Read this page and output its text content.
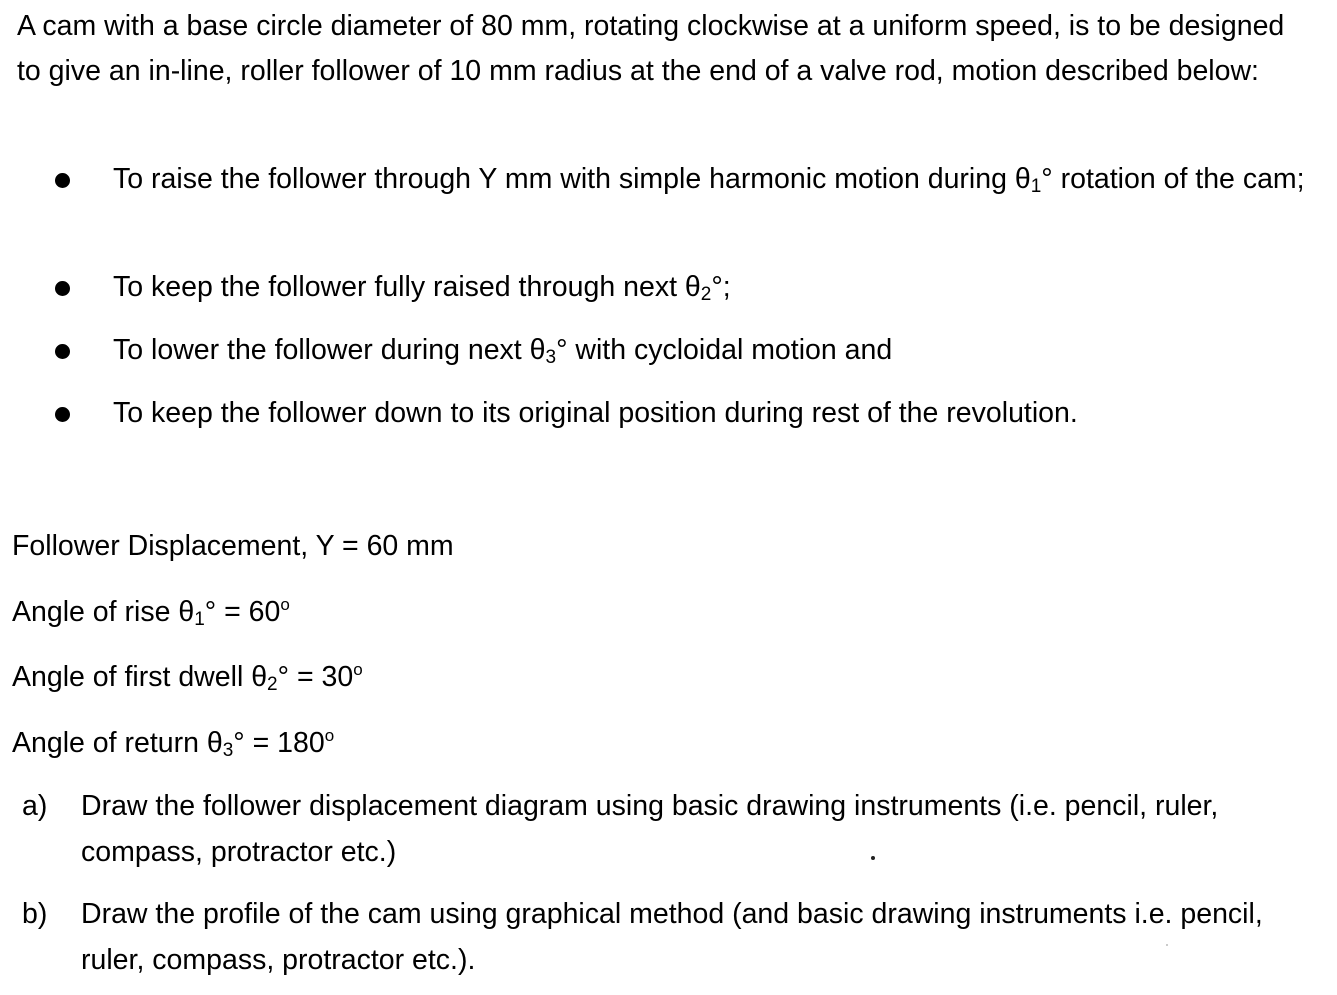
A cam with a base circle diameter of 80 mm, rotating clockwise at a uniform speed, is to be designed to give an in-line, roller follower of 10 mm radius at the end of a valve rod, motion described below:

To raise the follower through Y mm with simple harmonic motion during θ1° rotation of the cam;

To keep the follower fully raised through next θ2°;

To lower the follower during next θ3° with cycloidal motion and

To keep the follower down to its original position during rest of the revolution.

Follower Displacement, Y = 60 mm

Angle of rise $\theta 1^\circ = 60^o$

Angle of first dwell $\theta 2^\circ = 30^o$

Angle of return $\theta 3^\circ = 180^o$

a) Draw the follower displacement diagram using basic drawing instruments (i.e. pencil, ruler, compass, protractor etc.)

b) Draw the profile of the cam using graphical method (and basic drawing instruments i.e. pencil, ruler, compass, protractor etc.).
